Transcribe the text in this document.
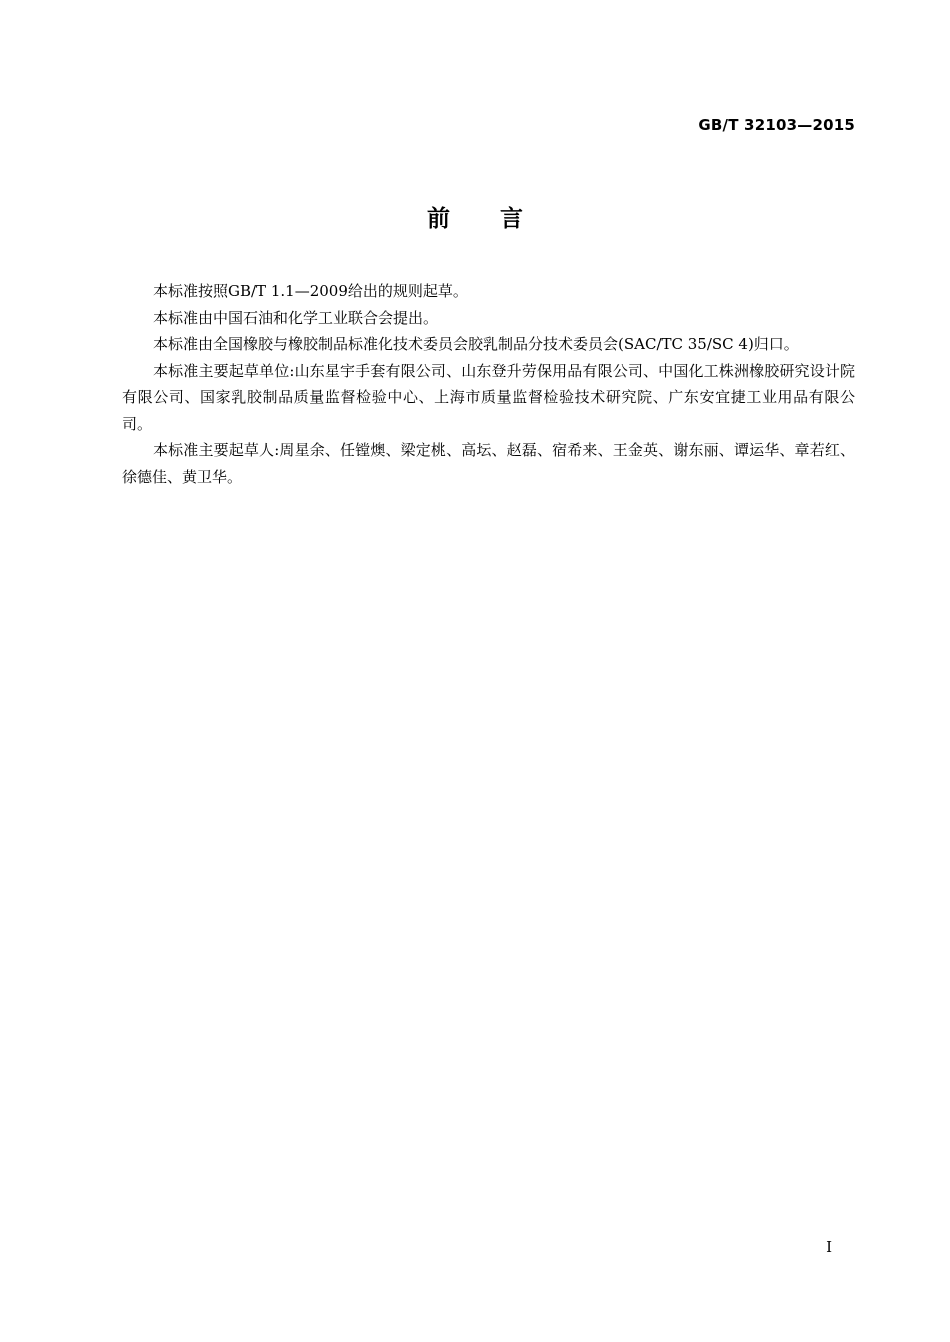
GB/T 32103—2015
前 言

本标准按照GB/T 1.1—2009给出的规则起草。

本标准由中国石油和化学工业联合会提出。

本标准由全国橡胶与橡胶制品标准化技术委员会胶乳制品分技术委员会(SAC/TC 35/SC 4)归口。

本标准主要起草单位:山东星宇手套有限公司、山东登升劳保用品有限公司、中国化工株洲橡胶研究设计院有限公司、国家乳胶制品质量监督检验中心、上海市质量监督检验技术研究院、广东安宜捷工业用品有限公司。

本标准主要起草人:周星余、任镗燠、梁定桃、高坛、赵磊、宿希来、王金英、谢东丽、谭运华、章若红、徐德佳、黄卫华。

I
